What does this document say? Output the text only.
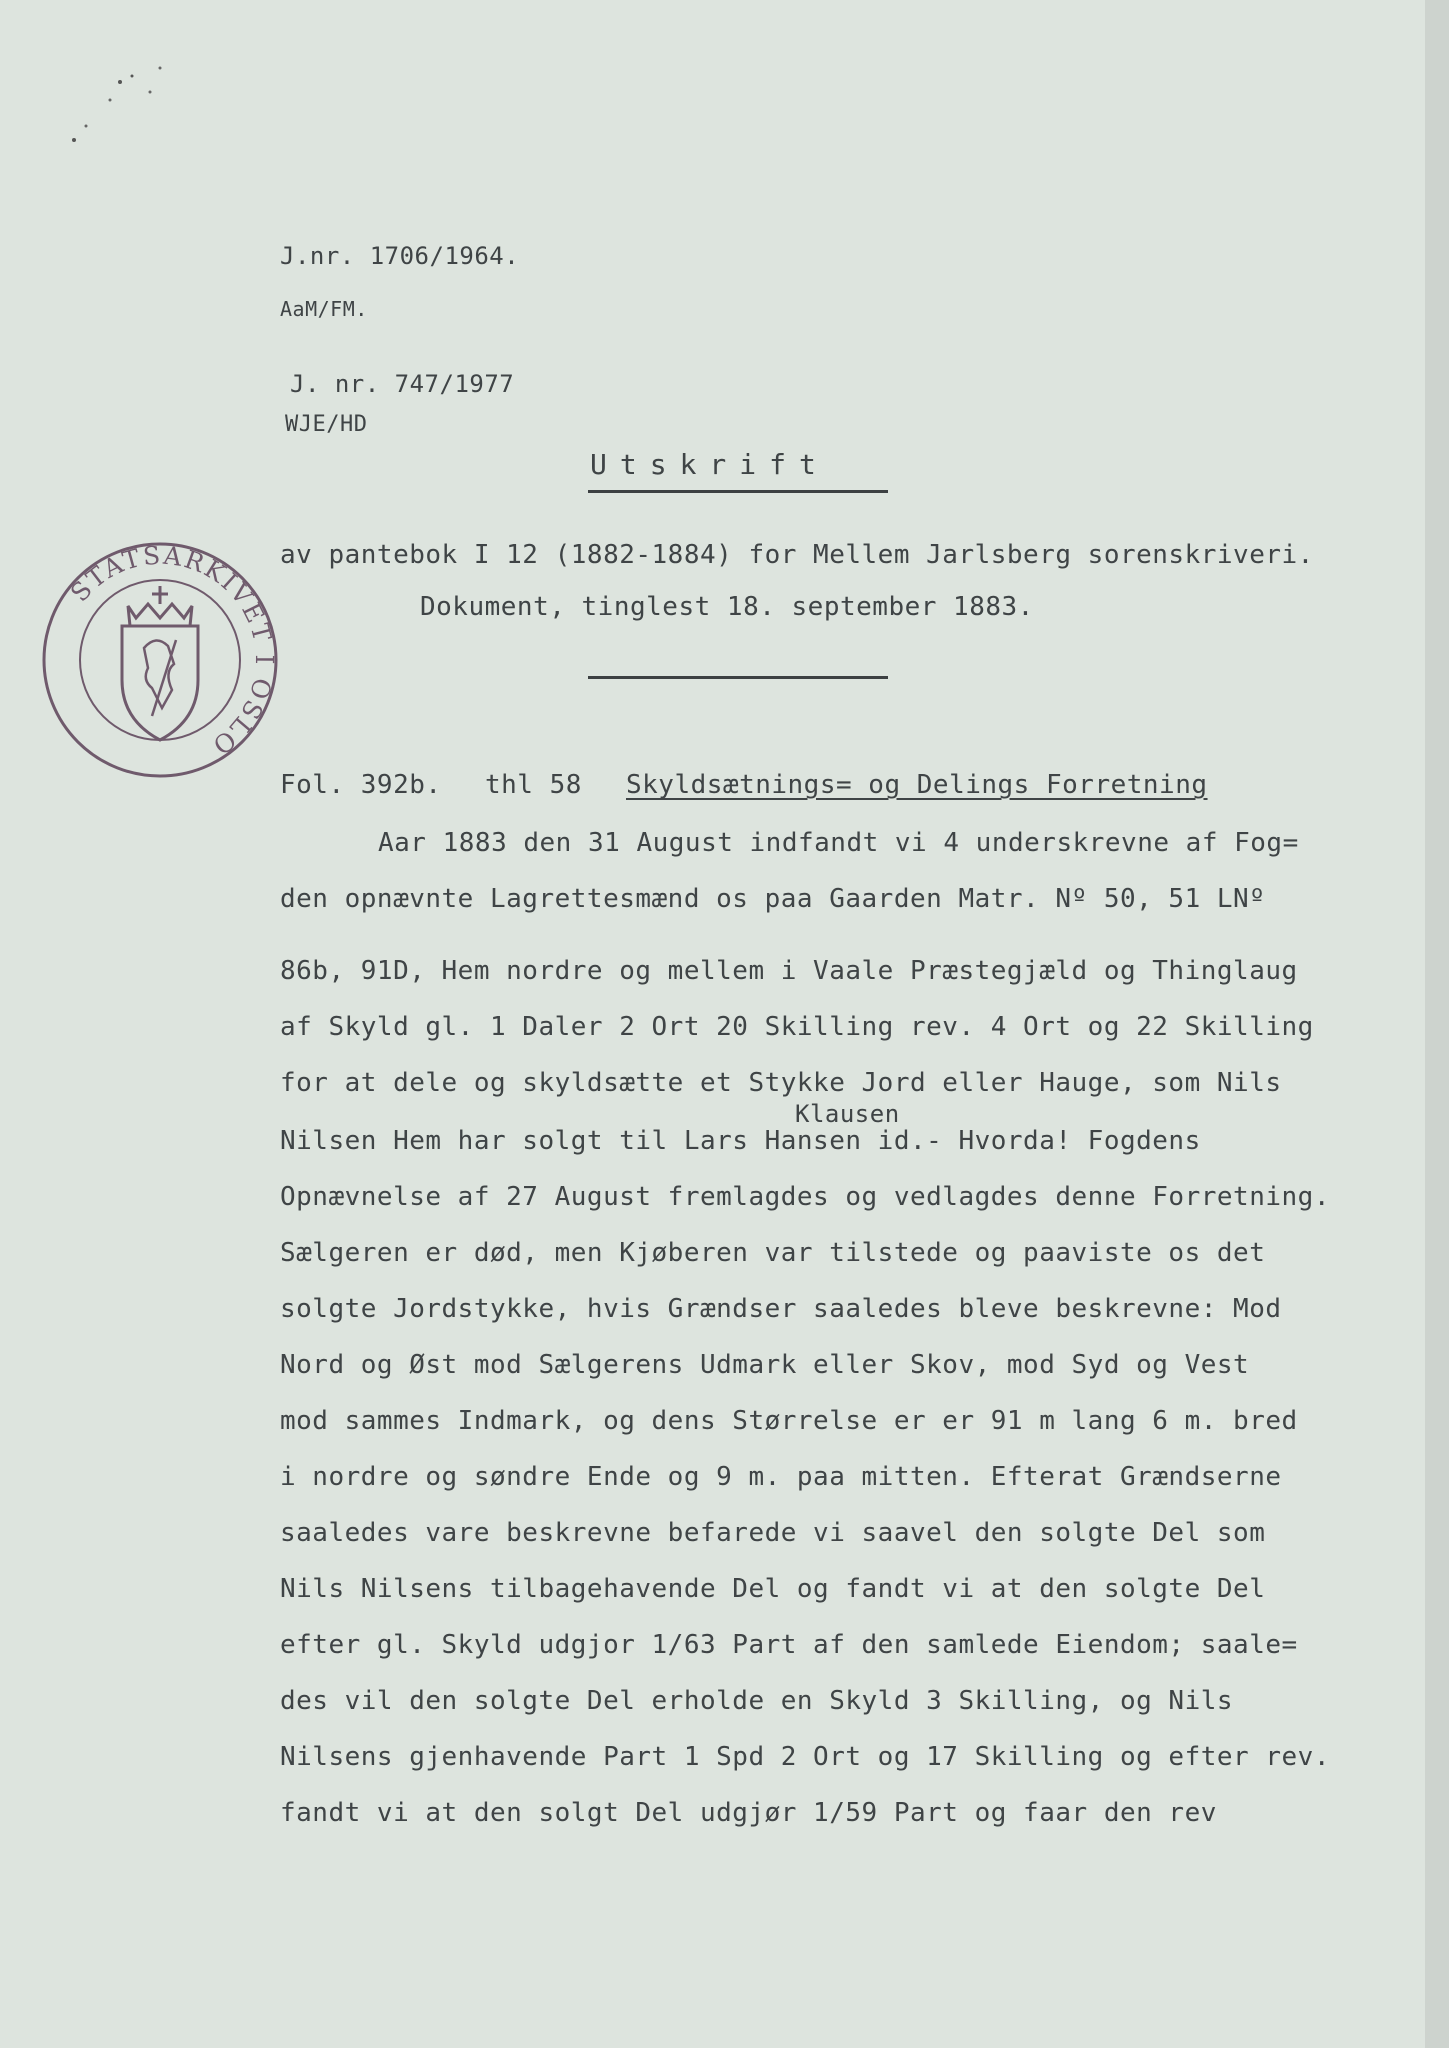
J.nr. 1706/1964.
AaM/FM.
J. nr. 747/1977
WJE/HD
Utskrift
STATSARKIVET I OSLO
av pantebok I 12 (1882-1884) for Mellem Jarlsberg sorenskriveri.
Dokument, tinglest 18. september 1883.
Fol. 392b. thl 58 Skyldsætnings= og Delings Forretning
Aar 1883 den 31 August indfandt vi 4 underskrevne af Fog=
den opnævnte Lagrettesmænd os paa Gaarden Matr. Nº 50, 51 LNº
86b, 91D, Hem nordre og mellem i Vaale Præstegjæld og Thinglaug
af Skyld gl. 1 Daler 2 Ort 20 Skilling rev. 4 Ort og 22 Skilling
for at dele og skyldsætte et Stykke Jord eller Hauge, som Nils
Klausen
Nilsen Hem har solgt til Lars Hansen id.- Hvorda! Fogdens
Opnævnelse af 27 August fremlagdes og vedlagdes denne Forretning.
Sælgeren er død, men Kjøberen var tilstede og paaviste os det
solgte Jordstykke, hvis Grændser saaledes bleve beskrevne: Mod
Nord og Øst mod Sælgerens Udmark eller Skov, mod Syd og Vest
mod sammes Indmark, og dens Størrelse er er 91 m lang 6 m. bred
i nordre og søndre Ende og 9 m. paa mitten. Efterat Grændserne
saaledes vare beskrevne befarede vi saavel den solgte Del som
Nils Nilsens tilbagehavende Del og fandt vi at den solgte Del
efter gl. Skyld udgjor 1/63 Part af den samlede Eiendom; saale=
des vil den solgte Del erholde en Skyld 3 Skilling, og Nils
Nilsens gjenhavende Part 1 Spd 2 Ort og 17 Skilling og efter rev.
fandt vi at den solgt Del udgjør 1/59 Part og faar den rev
